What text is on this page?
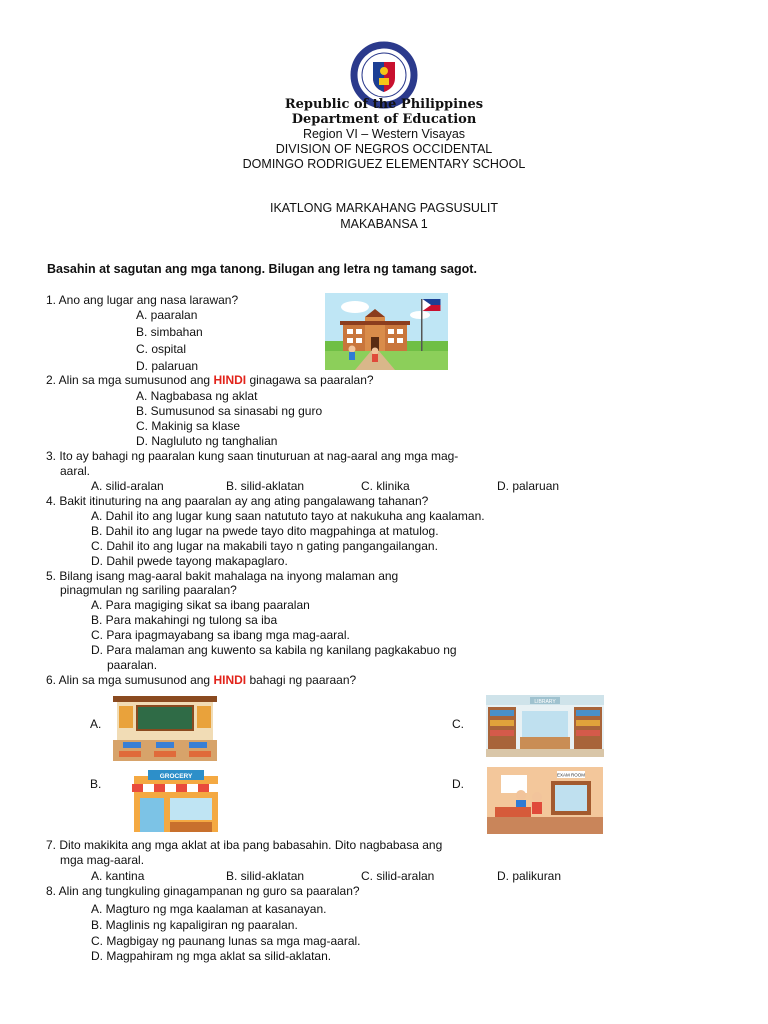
Republic of the Philippines
Department of Education
Region VI – Western Visayas
DIVISION OF NEGROS OCCIDENTAL
DOMINGO RODRIGUEZ ELEMENTARY SCHOOL
IKATLONG MARKAHANG PAGSUSULIT
MAKABANSA 1
Basahin at sagutan ang mga tanong. Bilugan ang letra ng tamang sagot.
1. Ano ang lugar ang nasa larawan?
A. paaralan
B. simbahan
C. ospital
D. palaruan
2. Alin sa mga sumusunod ang HINDI ginagawa sa paaralan?
A. Nagbabasa ng aklat
B. Sumusunod sa sinasabi ng guro
C. Makinig sa klase
D. Nagluluto ng tanghalian
3. Ito ay bahagi ng paaralan kung saan tinuturuan at nag-aaral ang mga mag-
aaral.
A. silid-aralan	B. silid-aklatan	C. klinika	D. palaruan
4. Bakit itinuturing na ang paaralan ay ang ating pangalawang tahanan?
A. Dahil ito ang lugar kung saan natututo tayo at nakukuha ang kaalaman.
B. Dahil ito ang lugar na pwede tayo dito magpahinga at matulog.
C. Dahil ito ang lugar na makabili tayo n gating pangangailangan.
D. Dahil pwede tayong makapaglaro.
5. Bilang isang mag-aaral bakit mahalaga na inyong malaman ang
pinagmulan ng sariling paaralan?
A. Para magiging sikat sa ibang paaralan
B. Para makahingi ng tulong sa iba
C. Para ipagmayabang sa ibang mga mag-aaral.
D. Para malaman ang kuwento sa kabila ng kanilang pagkakabuo ng
paaralan.
6. Alin sa mga sumusunod ang HINDI bahagi ng paaraan?
A.	C.
B.	D.
LIBRARY
GROCERY	EXAM ROOM
7. Dito makikita ang mga aklat at iba pang babasahin. Dito nagbabasa ang
mga mag-aaral.
A. kantina	B. silid-aklatan	C. silid-aralan	D. palikuran
8. Alin ang tungkuling ginagampanan ng guro sa paaralan?
A. Magturo ng mga kaalaman at kasanayan.
B. Maglinis ng kapaligiran ng paaralan.
C. Magbigay ng paunang lunas sa mga mag-aaral.
D. Magpahiram ng mga aklat sa silid-aklatan.
